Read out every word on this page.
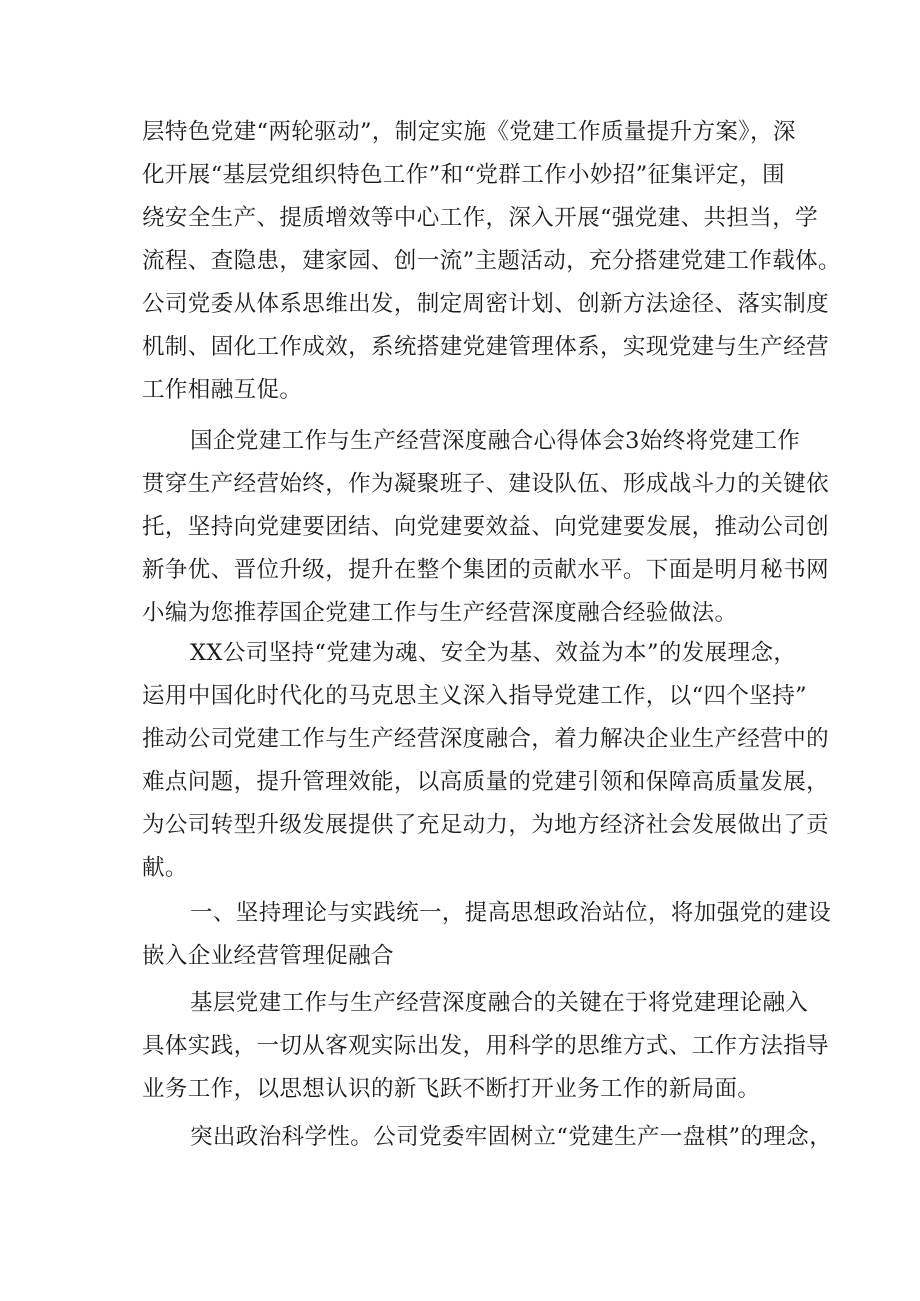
层特色党建“两轮驱动”，制定实施《党建工作质量提升方案》，深
化开展“基层党组织特色工作”和“党群工作小妙招”征集评定，围
绕安全生产、提质增效等中心工作，深入开展“强党建、共担当，学
流程、查隐患，建家园、创一流”主题活动，充分搭建党建工作载体。
公司党委从体系思维出发，制定周密计划、创新方法途径、落实制度
机制、固化工作成效，系统搭建党建管理体系，实现党建与生产经营
工作相融互促。
国企党建工作与生产经营深度融合心得体会3始终将党建工作
贯穿生产经营始终，作为凝聚班子、建设队伍、形成战斗力的关键依
托，坚持向党建要团结、向党建要效益、向党建要发展，推动公司创
新争优、晋位升级，提升在整个集团的贡献水平。下面是明月秘书网
小编为您推荐国企党建工作与生产经营深度融合经验做法。
XX公司坚持“党建为魂、安全为基、效益为本”的发展理念，
运用中国化时代化的马克思主义深入指导党建工作，以“四个坚持”
推动公司党建工作与生产经营深度融合，着力解决企业生产经营中的
难点问题，提升管理效能，以高质量的党建引领和保障高质量发展，
为公司转型升级发展提供了充足动力，为地方经济社会发展做出了贡
献。
一、坚持理论与实践统一，提高思想政治站位，将加强党的建设
嵌入企业经营管理促融合
基层党建工作与生产经营深度融合的关键在于将党建理论融入
具体实践，一切从客观实际出发，用科学的思维方式、工作方法指导
业务工作，以思想认识的新飞跃不断打开业务工作的新局面。
突出政治科学性。公司党委牢固树立“党建生产一盘棋”的理念，
